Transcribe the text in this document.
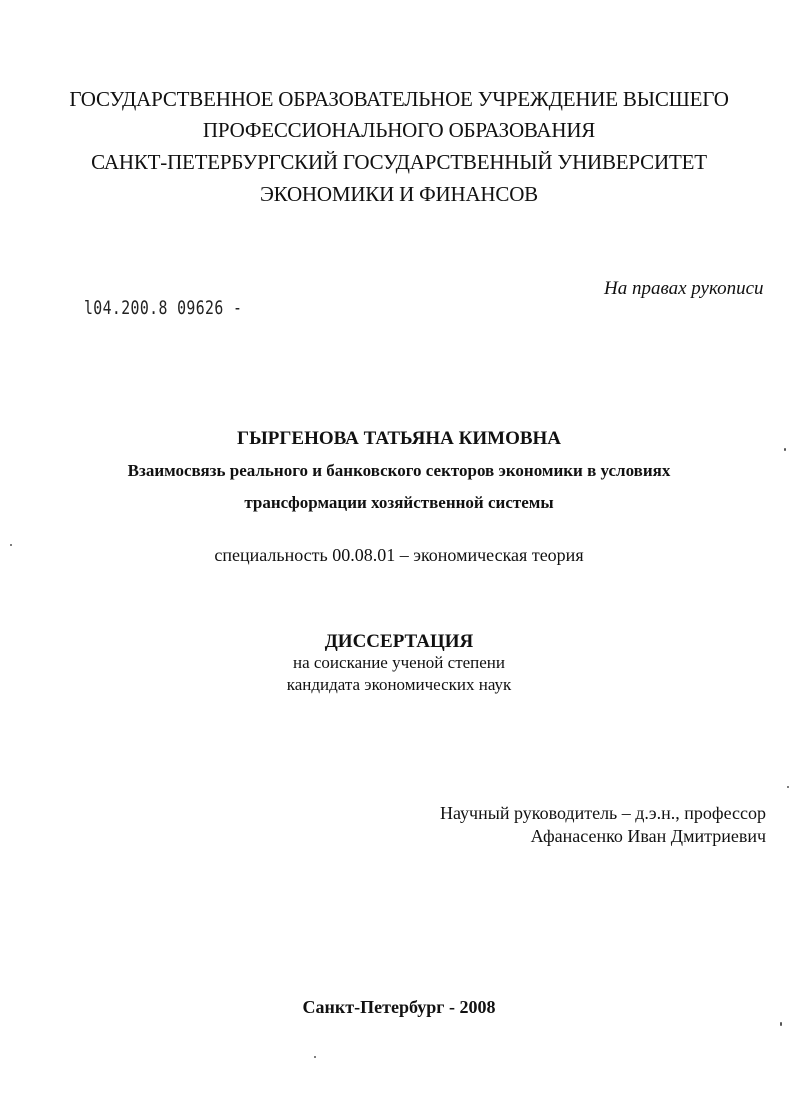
ГОСУДАРСТВЕННОЕ ОБРАЗОВАТЕЛЬНОЕ УЧРЕЖДЕНИЕ ВЫСШЕГО
ПРОФЕССИОНАЛЬНОГО ОБРАЗОВАНИЯ
САНКТ-ПЕТЕРБУРГСКИЙ ГОСУДАРСТВЕННЫЙ УНИВЕРСИТЕТ
ЭКОНОМИКИ И ФИНАНСОВ
На правах рукописи
l04.200.8 09626 -
ГЫРГЕНОВА ТАТЬЯНА КИМОВНА
Взаимосвязь реального и банковского секторов экономики в условиях
трансформации хозяйственной системы
специальность 00.08.01 – экономическая теория
ДИССЕРТАЦИЯ
на соискание ученой степени
кандидата экономических наук
Научный руководитель – д.э.н., профессор
Афанасенко Иван Дмитриевич
Санкт-Петербург - 2008
